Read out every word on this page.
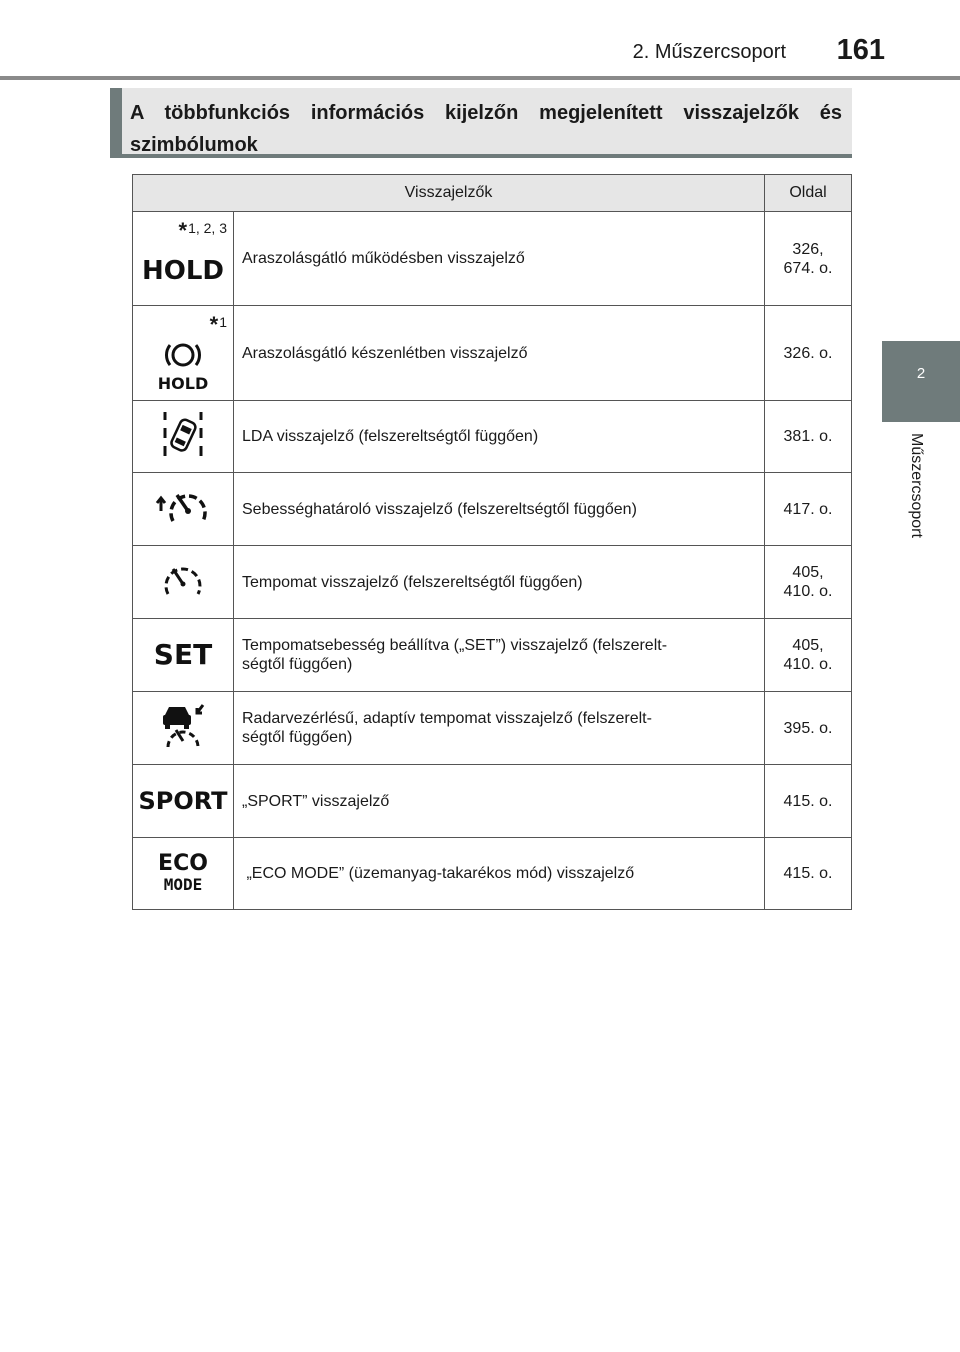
2. Műszercsoport	161
2
Műszercsoport
A többfunkciós információs kijelzőn megjelenített visszajelzők és szimbólumok
Visszajelzők		Oldal

*1, 2, 3
HOLD	Araszolásgátló működésben visszajelző	326,
674. o.

*1
HOLD	Araszolásgátló készenlétben visszajelző	326. o.
	LDA visszajelző (felszereltségtől függően)	381. o.
	Sebességhatároló visszajelző (felszereltségtől függően)	417. o.
	Tempomat visszajelző (felszereltségtől függően)	405,
410. o.

SET	Tempomatsebesség beállítva („SET”) visszajelző (felszerelt-
ségtől függően)	405,
410. o.
	Radarvezérlésű, adaptív tempomat visszajelző (felszerelt-
ségtől függően)	395. o.

SPORT	„SPORT” visszajelző	415. o.

ECO
MODE	„ECO MODE” (üzemanyag-takarékos mód) visszajelző	415. o.
